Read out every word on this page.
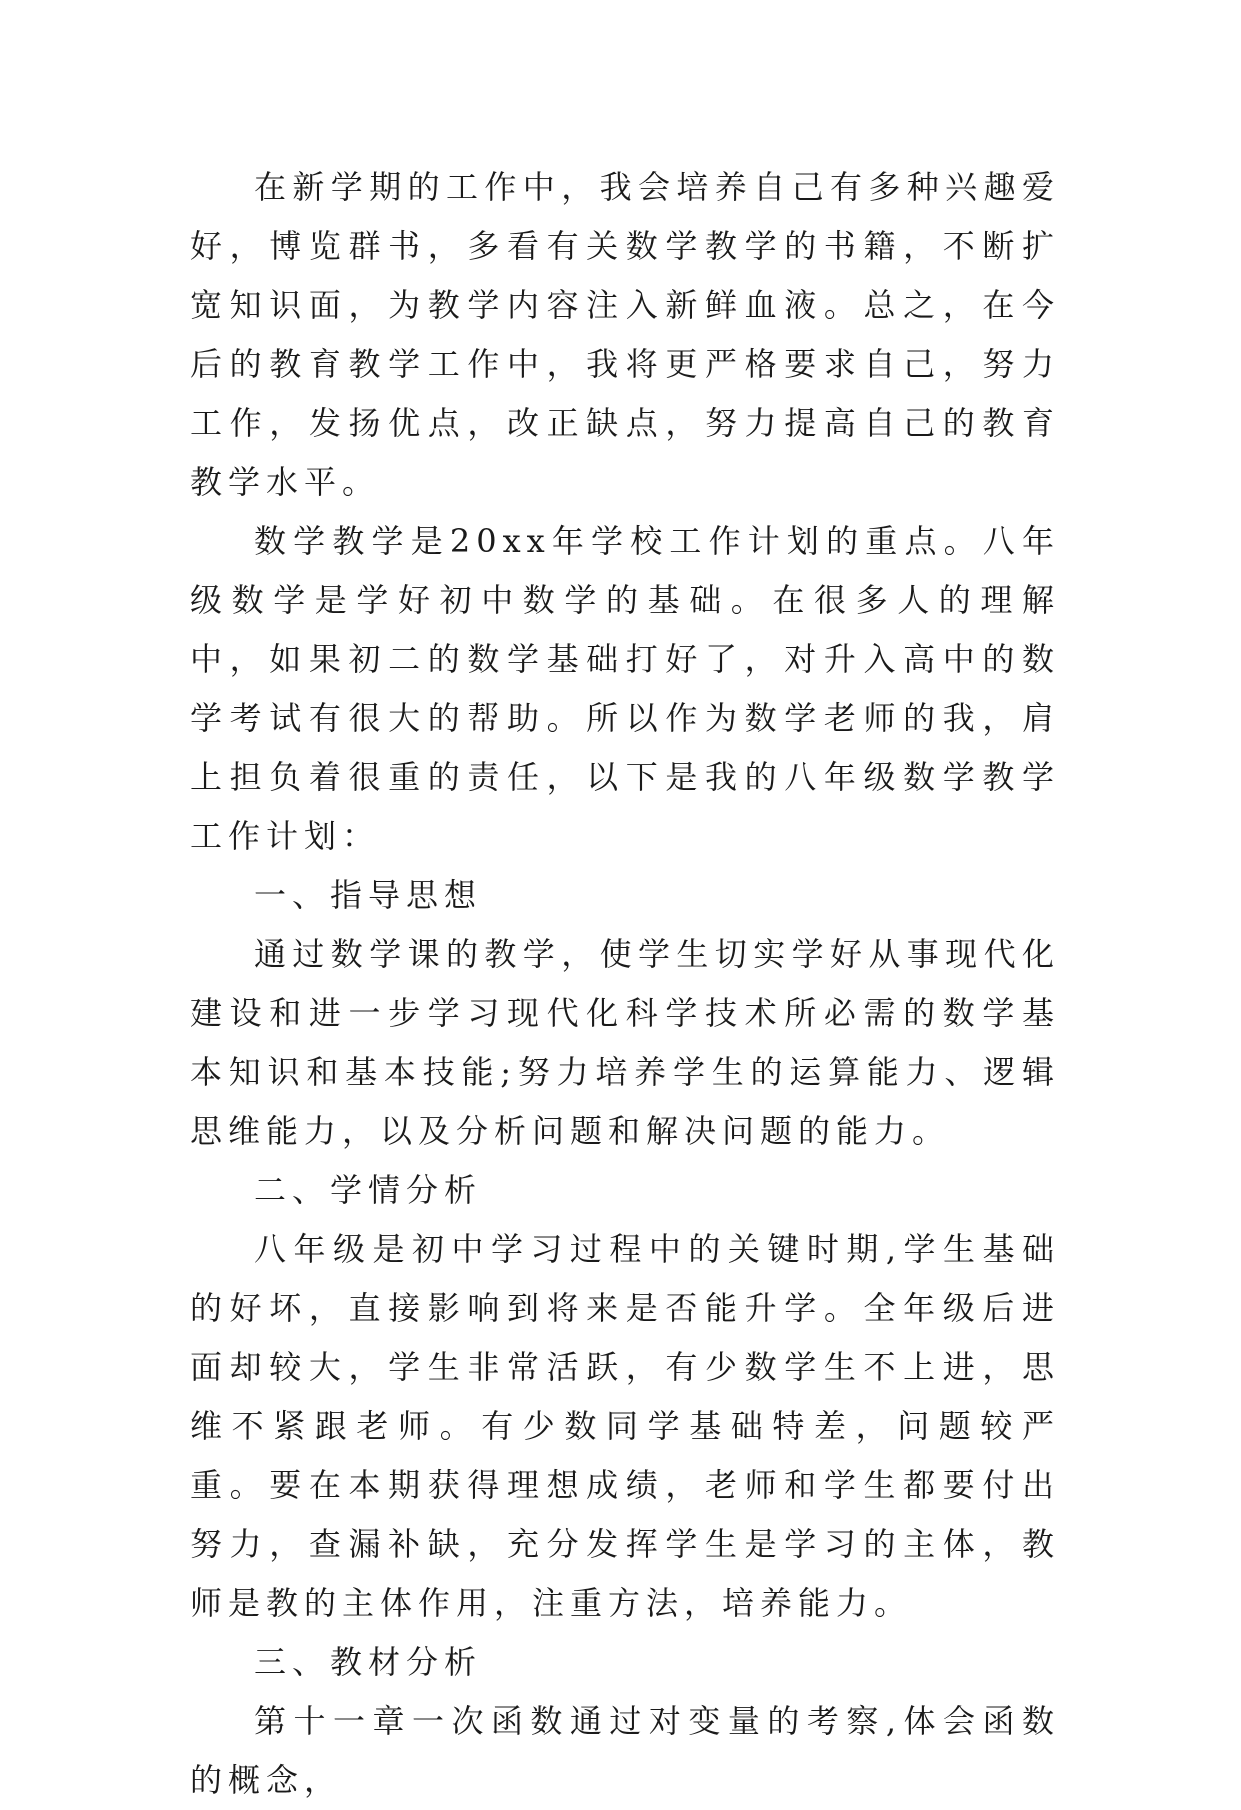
在新学期的工作中，我会培养自己有多种兴趣爱好，博览群书，多看有关数学教学的书籍，不断扩宽知识面，为教学内容注入新鲜血液。总之，在今后的教育教学工作中，我将更严格要求自己，努力工作，发扬优点，改正缺点，努力提高自己的教育教学水平。

数学教学是20xx年学校工作计划的重点。八年级数学是学好初中数学的基础。在很多人的理解中，如果初二的数学基础打好了，对升入高中的数学考试有很大的帮助。所以作为数学老师的我，肩上担负着很重的责任，以下是我的八年级数学教学工作计划：

一、指导思想

通过数学课的教学，使学生切实学好从事现代化建设和进一步学习现代化科学技术所必需的数学基本知识和基本技能;努力培养学生的运算能力、逻辑思维能力，以及分析问题和解决问题的能力。

二、学情分析

八年级是初中学习过程中的关键时期,学生基础的好坏，直接影响到将来是否能升学。全年级后进面却较大，学生非常活跃，有少数学生不上进，思维不紧跟老师。有少数同学基础特差，问题较严重。要在本期获得理想成绩，老师和学生都要付出努力，查漏补缺，充分发挥学生是学习的主体，教师是教的主体作用，注重方法，培养能力。

三、教材分析

第十一章一次函数通过对变量的考察,体会函数的概念，
